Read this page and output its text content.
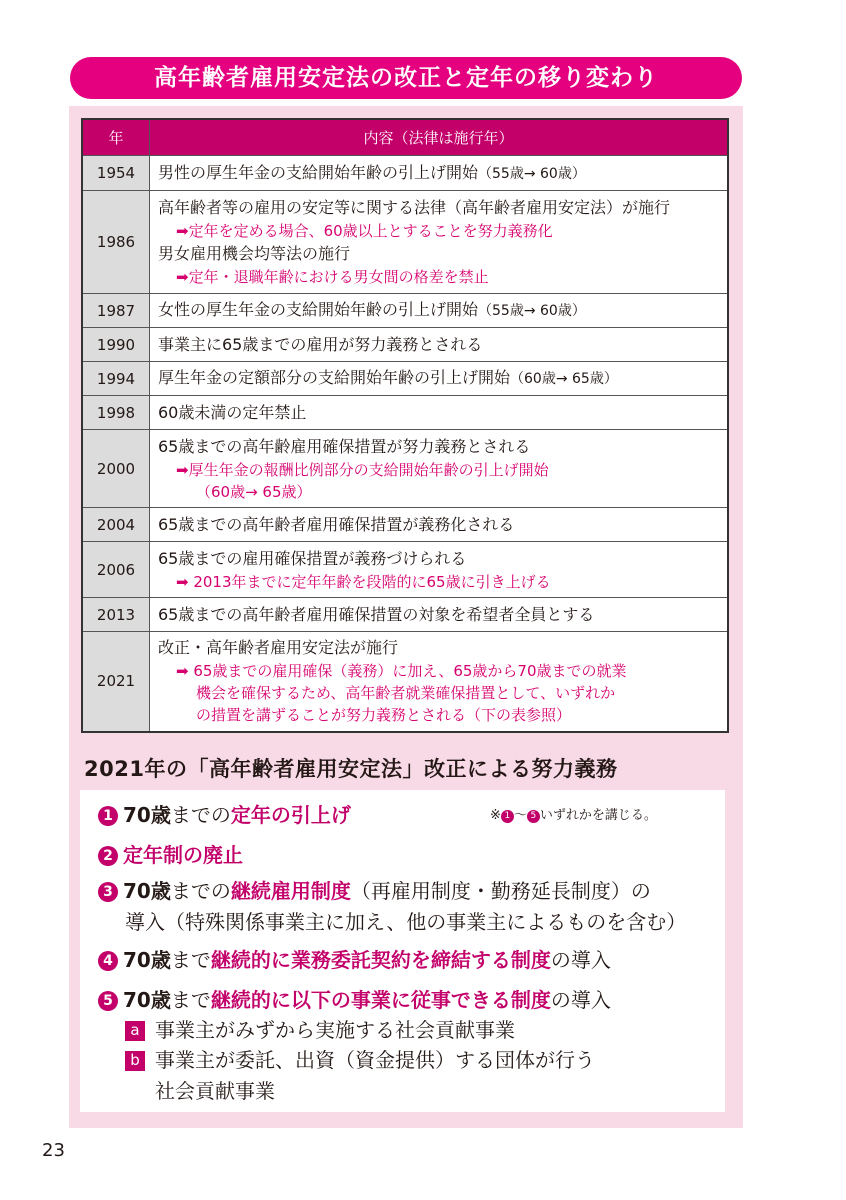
高年齢者雇用安定法の改正と定年の移り変わり
年	内容（法律は施行年）
1954	男性の厚生年金の支給開始年齢の引上げ開始（55歳→ 60歳）
1986	高年齢者等の雇用の安定等に関する法律（高年齢者雇用安定法）が施行
➡定年を定める場合、60歳以上とすることを努力義務化
男女雇用機会均等法の施行
➡定年・退職年齢における男女間の格差を禁止

1987	女性の厚生年金の支給開始年齢の引上げ開始（55歳→ 60歳）
1990	事業主に65歳までの雇用が努力義務とされる
1994	厚生年金の定額部分の支給開始年齢の引上げ開始（60歳→ 65歳）
1998	60歳未満の定年禁止
2000	65歳までの高年齢雇用確保措置が努力義務とされる
➡厚生年金の報酬比例部分の支給開始年齢の引上げ開始
（60歳→ 65歳）

2004	65歳までの高年齢者雇用確保措置が義務化される
2006	65歳までの雇用確保措置が義務づけられる
➡ 2013年までに定年年齢を段階的に65歳に引き上げる

2013	65歳までの高年齢者雇用確保措置の対象を希望者全員とする
2021	改正・高年齢者雇用安定法が施行
➡ 65歳までの雇用確保（義務）に加え、65歳から70歳までの就業
機会を確保するため、高年齢者就業確保措置として、いずれか
の措置を講ずることが努力義務とされる（下の表参照）
2021年の「高年齢者雇用安定法」改正による努力義務
※ 1 〜 5 いずれかを講じる。
1 70歳までの定年の引上げ
2 定年制の廃止
3 70歳までの継続雇用制度（再雇用制度・勤務延長制度）の
導入（特殊関係事業主に加え、他の事業主によるものを含む）
4 70歳まで継続的に業務委託契約を締結する制度の導入
5 70歳まで継続的に以下の事業に従事できる制度の導入
a 事業主がみずから実施する社会貢献事業
b 事業主が委託、出資（資金提供）する団体が行う
社会貢献事業
23
